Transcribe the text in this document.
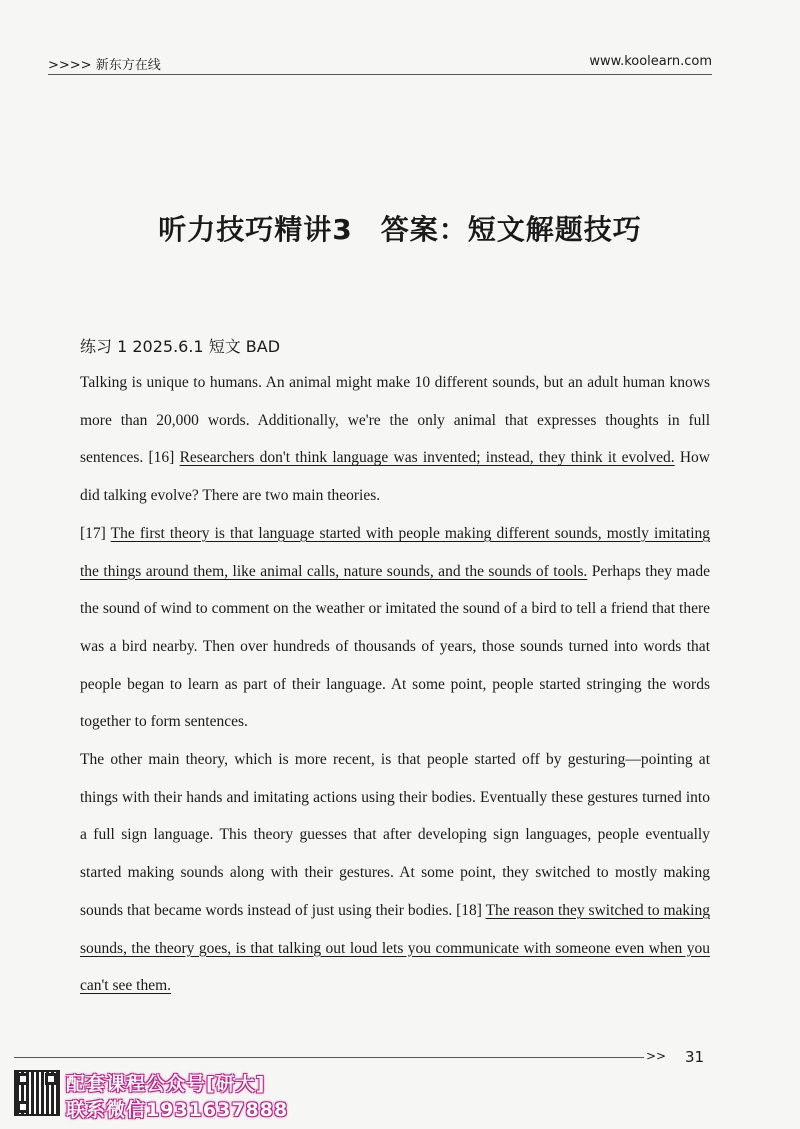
>>>> 新东方在线	www.koolearn.com
听力技巧精讲3 答案：短文解题技巧
练习 1 2025.6.1 短文 BAD

Talking is unique to humans. An animal might make 10 different sounds, but an adult human knows more than 20,000 words. Additionally, we're the only animal that expresses thoughts in full sentences. [16] Researchers don't think language was invented; instead, they think it evolved. How did talking evolve? There are two main theories.

[17] The first theory is that language started with people making different sounds, mostly imitating the things around them, like animal calls, nature sounds, and the sounds of tools. Perhaps they made the sound of wind to comment on the weather or imitated the sound of a bird to tell a friend that there was a bird nearby. Then over hundreds of thousands of years, those sounds turned into words that people began to learn as part of their language. At some point, people started stringing the words together to form sentences.

The other main theory, which is more recent, is that people started off by gesturing—pointing at things with their hands and imitating actions using their bodies. Eventually these gestures turned into a full sign language. This theory guesses that after developing sign languages, people eventually started making sounds along with their gestures. At some point, they switched to mostly making sounds that became words instead of just using their bodies. [18] The reason they switched to making sounds, the theory goes, is that talking out loud lets you communicate with someone even when you can't see them.

>> 31
配套课程公众号[研大]
联系微信1931637888
